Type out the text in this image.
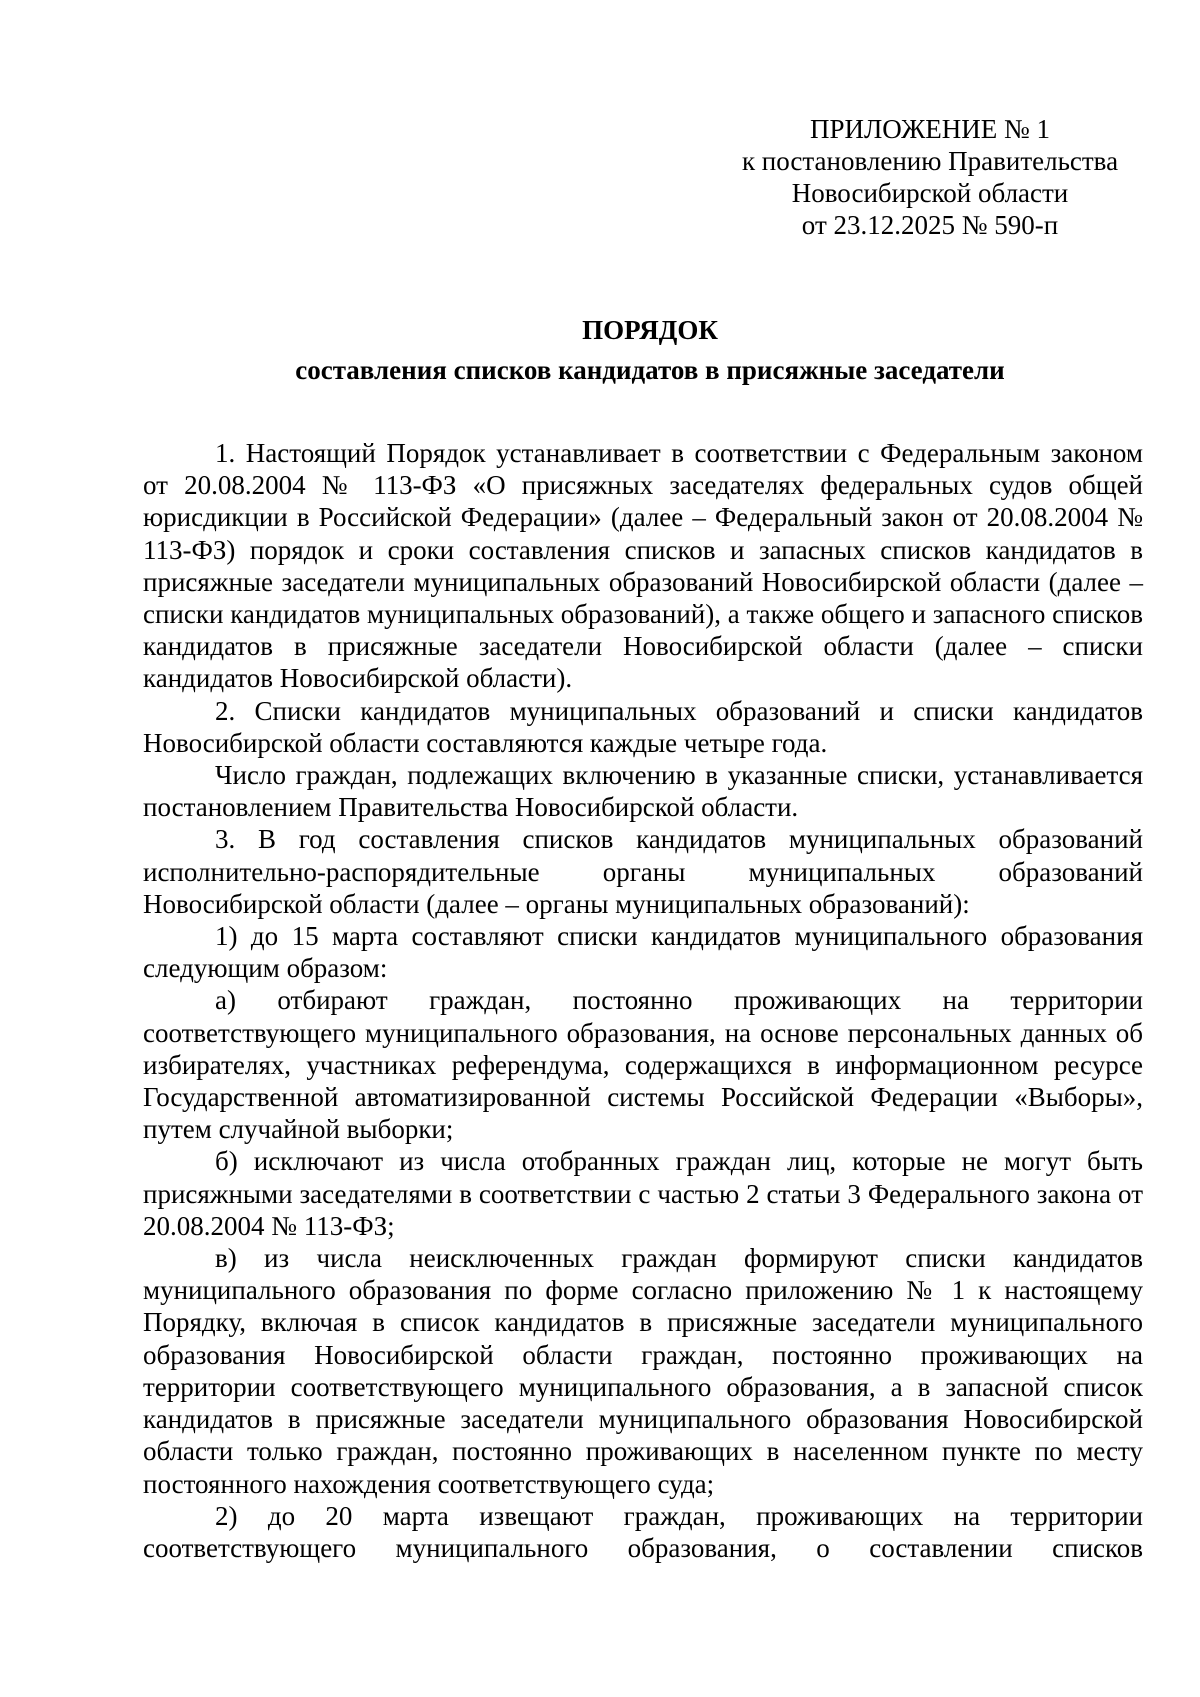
ПРИЛОЖЕНИЕ № 1
к постановлению Правительства
Новосибирской области
от 23.12.2025 № 590-п
ПОРЯДОК
составления списков кандидатов в присяжные заседатели

1. Настоящий Порядок устанавливает в соответствии с Федеральным законом от 20.08.2004 № 113-ФЗ «О присяжных заседателях федеральных судов общей юрисдикции в Российской Федерации» (далее – Федеральный закон от 20.08.2004 № 113-ФЗ) порядок и сроки составления списков и запасных списков кандидатов в присяжные заседатели муниципальных образований Новосибирской области (далее – списки кандидатов муниципальных образований), а также общего и запасного списков кандидатов в присяжные заседатели Новосибирской области (далее – списки кандидатов Новосибирской области).

2. Списки кандидатов муниципальных образований и списки кандидатов Новосибирской области составляются каждые четыре года.

Число граждан, подлежащих включению в указанные списки, устанавливается постановлением Правительства Новосибирской области.

3. В год составления списков кандидатов муниципальных образований исполнительно-распорядительные органы муниципальных образований Новосибирской области (далее – органы муниципальных образований):

1) до 15 марта составляют списки кандидатов муниципального образования следующим образом:

а) отбирают граждан, постоянно проживающих на территории соответствующего муниципального образования, на основе персональных данных об избирателях, участниках референдума, содержащихся в информационном ресурсе Государственной автоматизированной системы Российской Федерации «Выборы», путем случайной выборки;

б) исключают из числа отобранных граждан лиц, которые не могут быть присяжными заседателями в соответствии с частью 2 статьи 3 Федерального закона от 20.08.2004 № 113-ФЗ;

в) из числа неисключенных граждан формируют списки кандидатов муниципального образования по форме согласно приложению № 1 к настоящему Порядку, включая в список кандидатов в присяжные заседатели муниципального образования Новосибирской области граждан, постоянно проживающих на территории соответствующего муниципального образования, а в запасной список кандидатов в присяжные заседатели муниципального образования Новосибирской области только граждан, постоянно проживающих в населенном пункте по месту постоянного нахождения соответствующего суда;

2) до 20 марта извещают граждан, проживающих на территории соответствующего муниципального образования, о составлении списков
